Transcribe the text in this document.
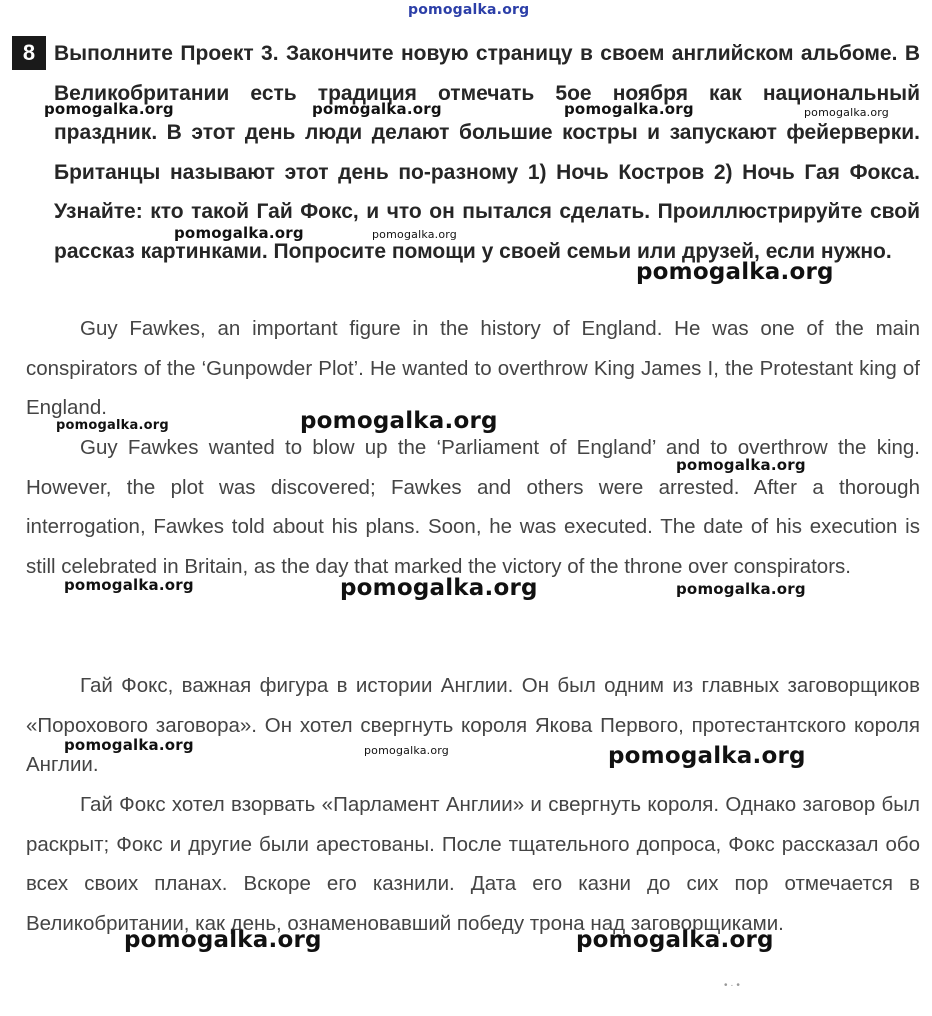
pomogalka.org
8 Выполните Проект 3. Закончите новую страницу в своем английском альбоме. В Великобритании есть традиция отмечать 5ое ноября как национальный праздник. В этот день люди делают большие костры и запускают фейерверки. Британцы называют этот день по-разному 1) Ночь Костров 2) Ночь Гая Фокса. Узнайте: кто такой Гай Фокс, и что он пытался сделать. Проиллюстрируйте свой рассказ картинками. Попросите помощи у своей семьи или друзей, если нужно.

Guy Fawkes, an important figure in the history of England. He was one of the main conspirators of the ‘Gunpowder Plot’. He wanted to overthrow King James I, the Protestant king of England.

Guy Fawkes wanted to blow up the ‘Parliament of England’ and to overthrow the king. However, the plot was discovered; Fawkes and others were arrested. After a thorough interrogation, Fawkes told about his plans. Soon, he was executed. The date of his execution is still celebrated in Britain, as the day that marked the victory of the throne over conspirators.

Гай Фокс, важная фигура в истории Англии. Он был одним из главных заговорщиков «Порохового заговора». Он хотел свергнуть короля Якова Первого, протестантского короля Англии.

Гай Фокс хотел взорвать «Парламент Англии» и свергнуть короля. Однако заговор был раскрыт; Фокс и другие были арестованы. После тщательного допроса, Фокс рассказал обо всех своих планах. Вскоре его казнили. Дата его казни до сих пор отмечается в Великобритании, как день, ознаменовавший победу трона над заговорщиками.

pomogalka.org	pomogalka.org	pomogalka.org	pomogalka.org
pomogalka.org	pomogalka.org
pomogalka.org
pomogalka.org	pomogalka.org
pomogalka.org
pomogalka.org	pomogalka.org	pomogalka.org
pomogalka.org	pomogalka.org	pomogalka.org
pomogalka.org	pomogalka.org
• · •
